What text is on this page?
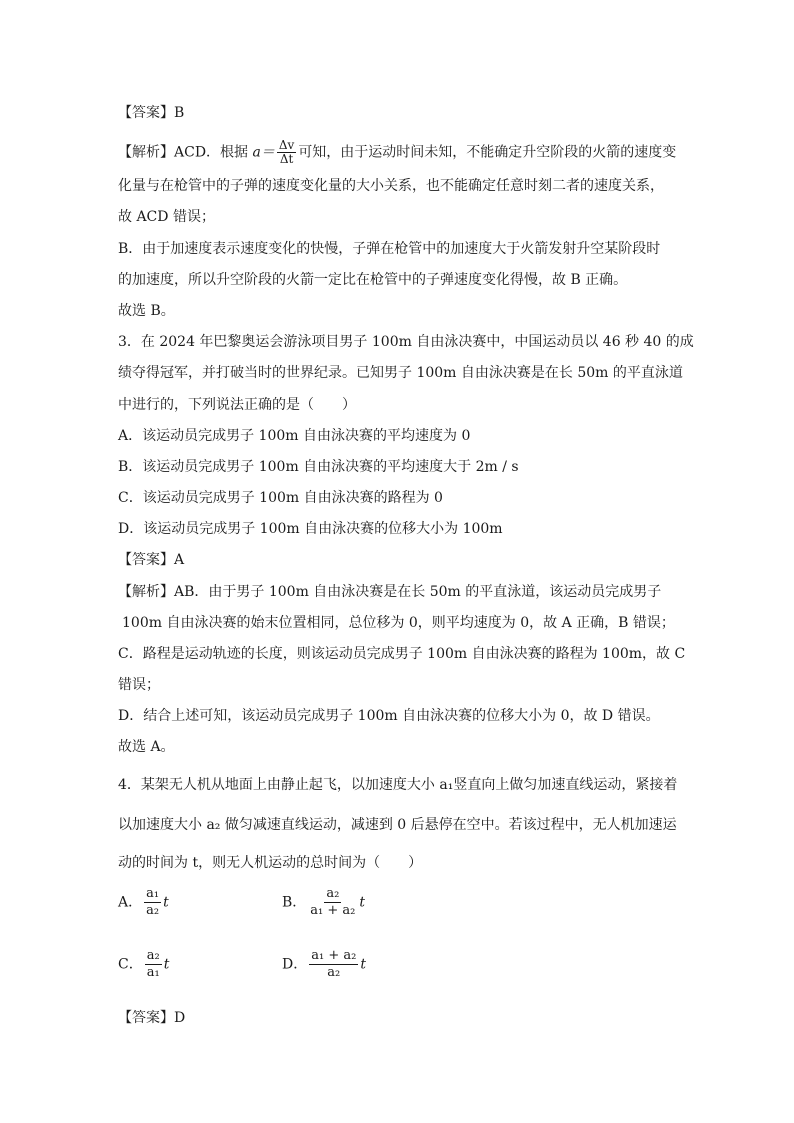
【答案】B
【解析】ACD．根据 $a= \frac{\Delta v}{\Delta t}$ 可知，由于运动时间未知，不能确定升空阶段的火箭的速度变
化量与在枪管中的子弹的速度变化量的大小关系，也不能确定任意时刻二者的速度关系，
故 ACD 错误；
B．由于加速度表示速度变化的快慢，子弹在枪管中的加速度大于火箭发射升空某阶段时
的加速度，所以升空阶段的火箭一定比在枪管中的子弹速度变化得慢，故 B 正确。
故选 B。
3．在 2024 年巴黎奥运会游泳项目男子 100m 自由泳决赛中，中国运动员以 46 秒 40 的成
绩夺得冠军，并打破当时的世界纪录。已知男子 100m 自由泳决赛是在长 50m 的平直泳道
中进行的，下列说法正确的是（　　）
A．该运动员完成男子 100m 自由泳决赛的平均速度为 0
B．该运动员完成男子 100m 自由泳决赛的平均速度大于 2m / s
C．该运动员完成男子 100m 自由泳决赛的路程为 0
D．该运动员完成男子 100m 自由泳决赛的位移大小为 100m
【答案】A
【解析】AB．由于男子 100m 自由泳决赛是在长 50m 的平直泳道，该运动员完成男子
100m 自由泳决赛的始末位置相同，总位移为 0，则平均速度为 0，故 A 正确，B 错误；
C．路程是运动轨迹的长度，则该运动员完成男子 100m 自由泳决赛的路程为 100m，故 C
错误；
D．结合上述可知，该运动员完成男子 100m 自由泳决赛的位移大小为 0，故 D 错误。
故选 A。
4．某架无人机从地面上由静止起飞，以加速度大小 a₁竖直向上做匀加速直线运动，紧接着
以加速度大小 a₂ 做匀减速直线运动，减速到 0 后悬停在空中。若该过程中，无人机加速运
动的时间为 t，则无人机运动的总时间为（　　）
A． $\frac{\text{a₁}}{\text{a₂}}$ t	B． $\frac{\text{a₂}}{\text{a₁ + a₂}}$ t
C． $\frac{\text{a₂}}{\text{a₁}}$ t	D． $\frac{\text{a₁ + a₂}}{\text{a₂}}$ t
【答案】D
